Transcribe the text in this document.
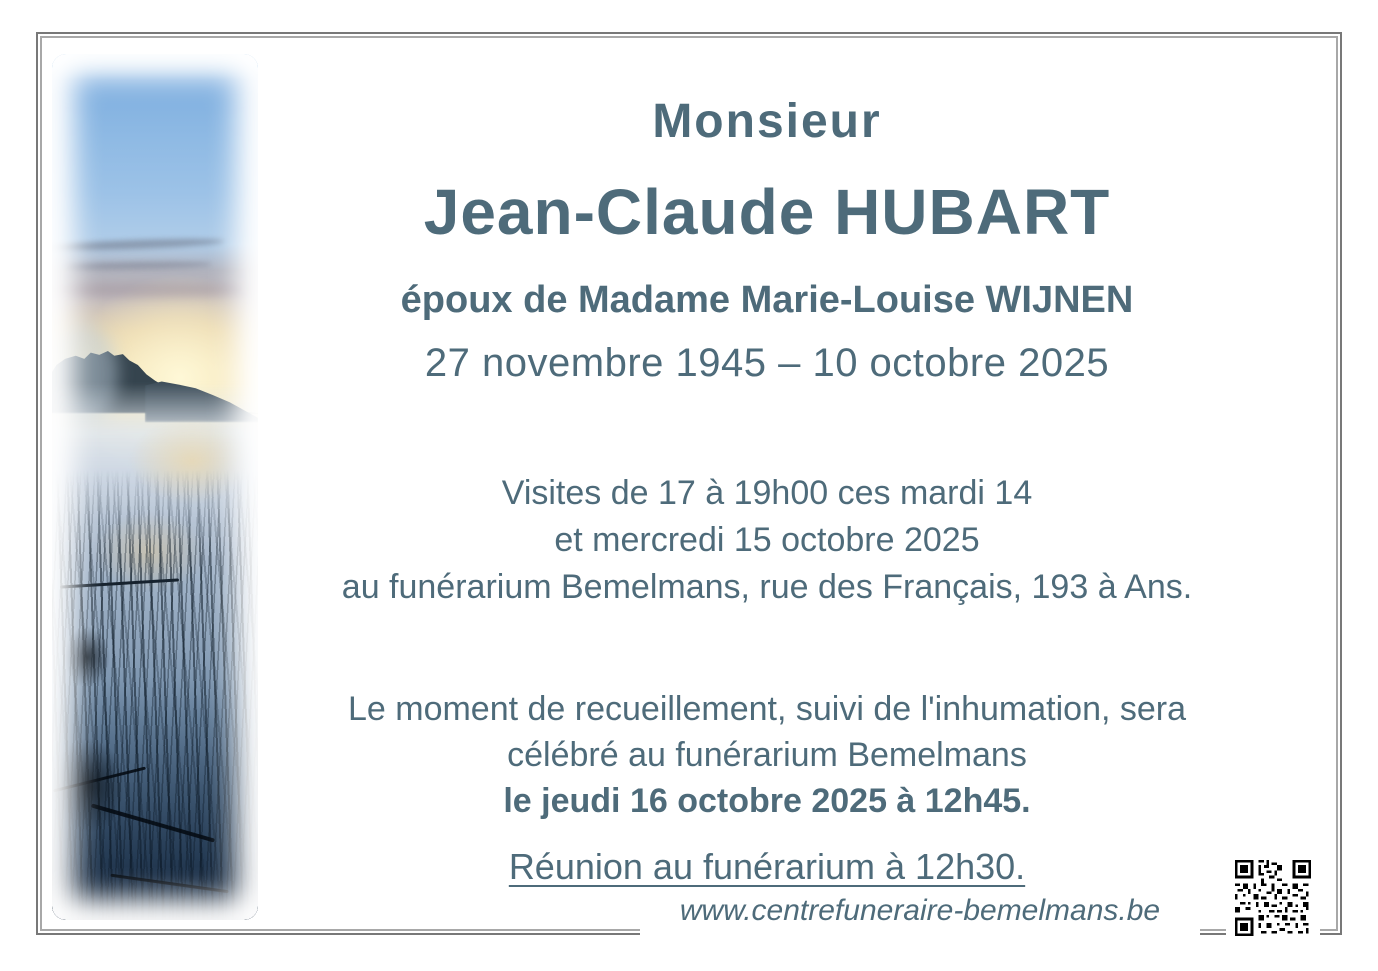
Monsieur
Jean-Claude HUBART
époux de Madame Marie-Louise WIJNEN
27 novembre 1945 – 10 octobre 2025
Visites de 17 à 19h00 ces mardi 14
et mercredi 15 octobre 2025
au funérarium Bemelmans, rue des Français, 193 à Ans.
Le moment de recueillement, suivi de l'inhumation, sera
célébré au funérarium Bemelmans
le jeudi 16 octobre 2025 à 12h45.
Réunion au funérarium à 12h30.
www.centrefuneraire-bemelmans.be
